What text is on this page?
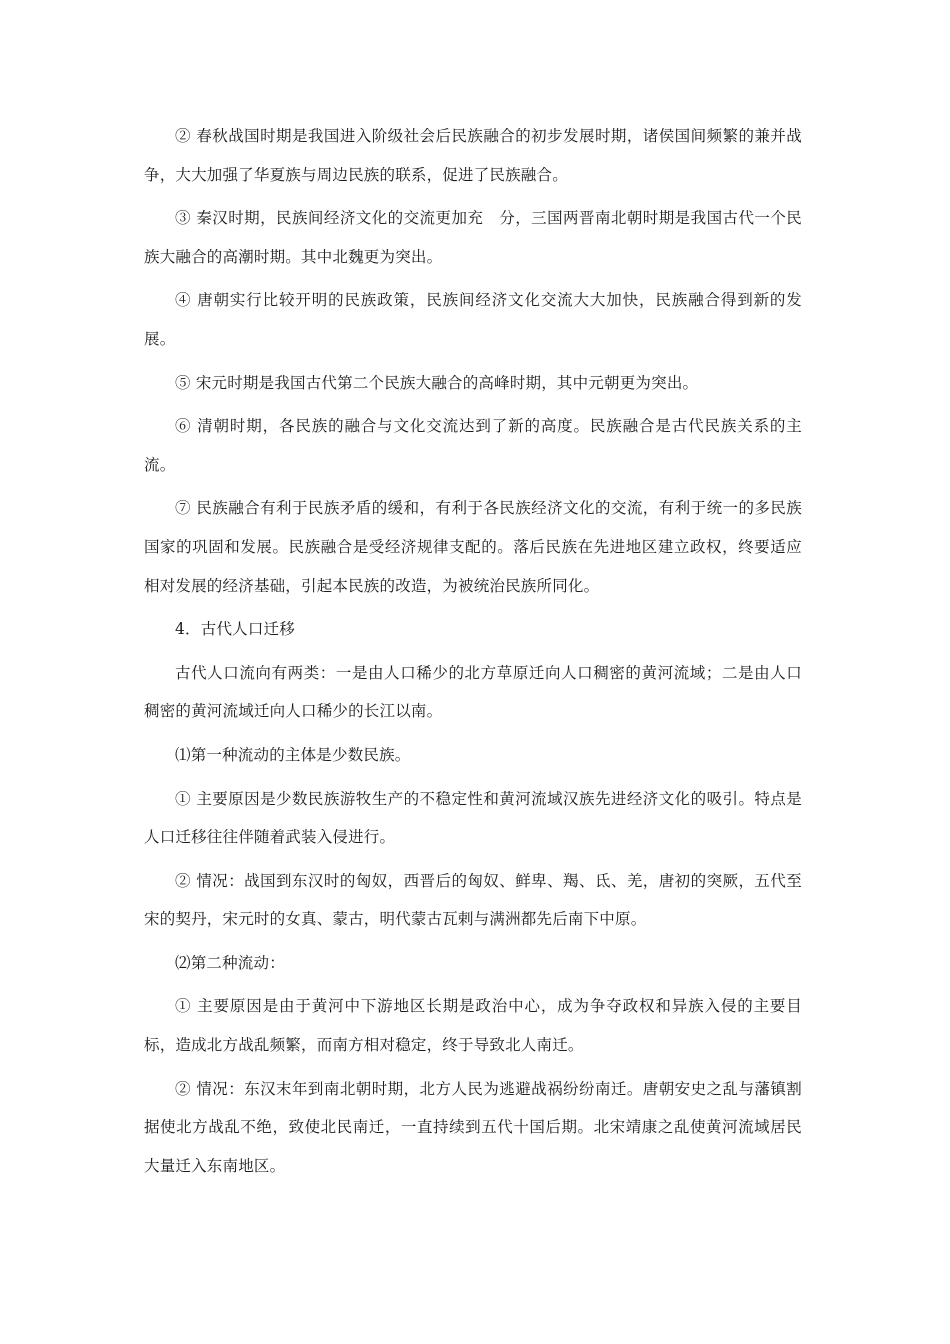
② 春秋战国时期是我国进入阶级社会后民族融合的初步发展时期，诸侯国间频繁的兼并战争，大大加强了华夏族与周边民族的联系，促进了民族融合。

③ 秦汉时期，民族间经济文化的交流更加充　分，三国两晋南北朝时期是我国古代一个民族大融合的高潮时期。其中北魏更为突出。

④ 唐朝实行比较开明的民族政策，民族间经济文化交流大大加快，民族融合得到新的发展。

⑤ 宋元时期是我国古代第二个民族大融合的高峰时期，其中元朝更为突出。

⑥ 清朝时期，各民族的融合与文化交流达到了新的高度。民族融合是古代民族关系的主流。

⑦ 民族融合有利于民族矛盾的缓和，有利于各民族经济文化的交流，有利于统一的多民族国家的巩固和发展。民族融合是受经济规律支配的。落后民族在先进地区建立政权，终要适应相对发展的经济基础，引起本民族的改造，为被统治民族所同化。

4．古代人口迁移

古代人口流向有两类：一是由人口稀少的北方草原迁向人口稠密的黄河流域；二是由人口稠密的黄河流域迁向人口稀少的长江以南。

⑴第一种流动的主体是少数民族。

① 主要原因是少数民族游牧生产的不稳定性和黄河流域汉族先进经济文化的吸引。特点是人口迁移往往伴随着武装入侵进行。

② 情况：战国到东汉时的匈奴，西晋后的匈奴、鲜卑、羯、氐、羌，唐初的突厥，五代至宋的契丹，宋元时的女真、蒙古，明代蒙古瓦剌与满洲都先后南下中原。

⑵第二种流动：

① 主要原因是由于黄河中下游地区长期是政治中心，成为争夺政权和异族入侵的主要目标，造成北方战乱频繁，而南方相对稳定，终于导致北人南迁。

② 情况：东汉末年到南北朝时期，北方人民为逃避战祸纷纷南迁。唐朝安史之乱与藩镇割据使北方战乱不绝，致使北民南迁，一直持续到五代十国后期。北宋靖康之乱使黄河流域居民大量迁入东南地区。
